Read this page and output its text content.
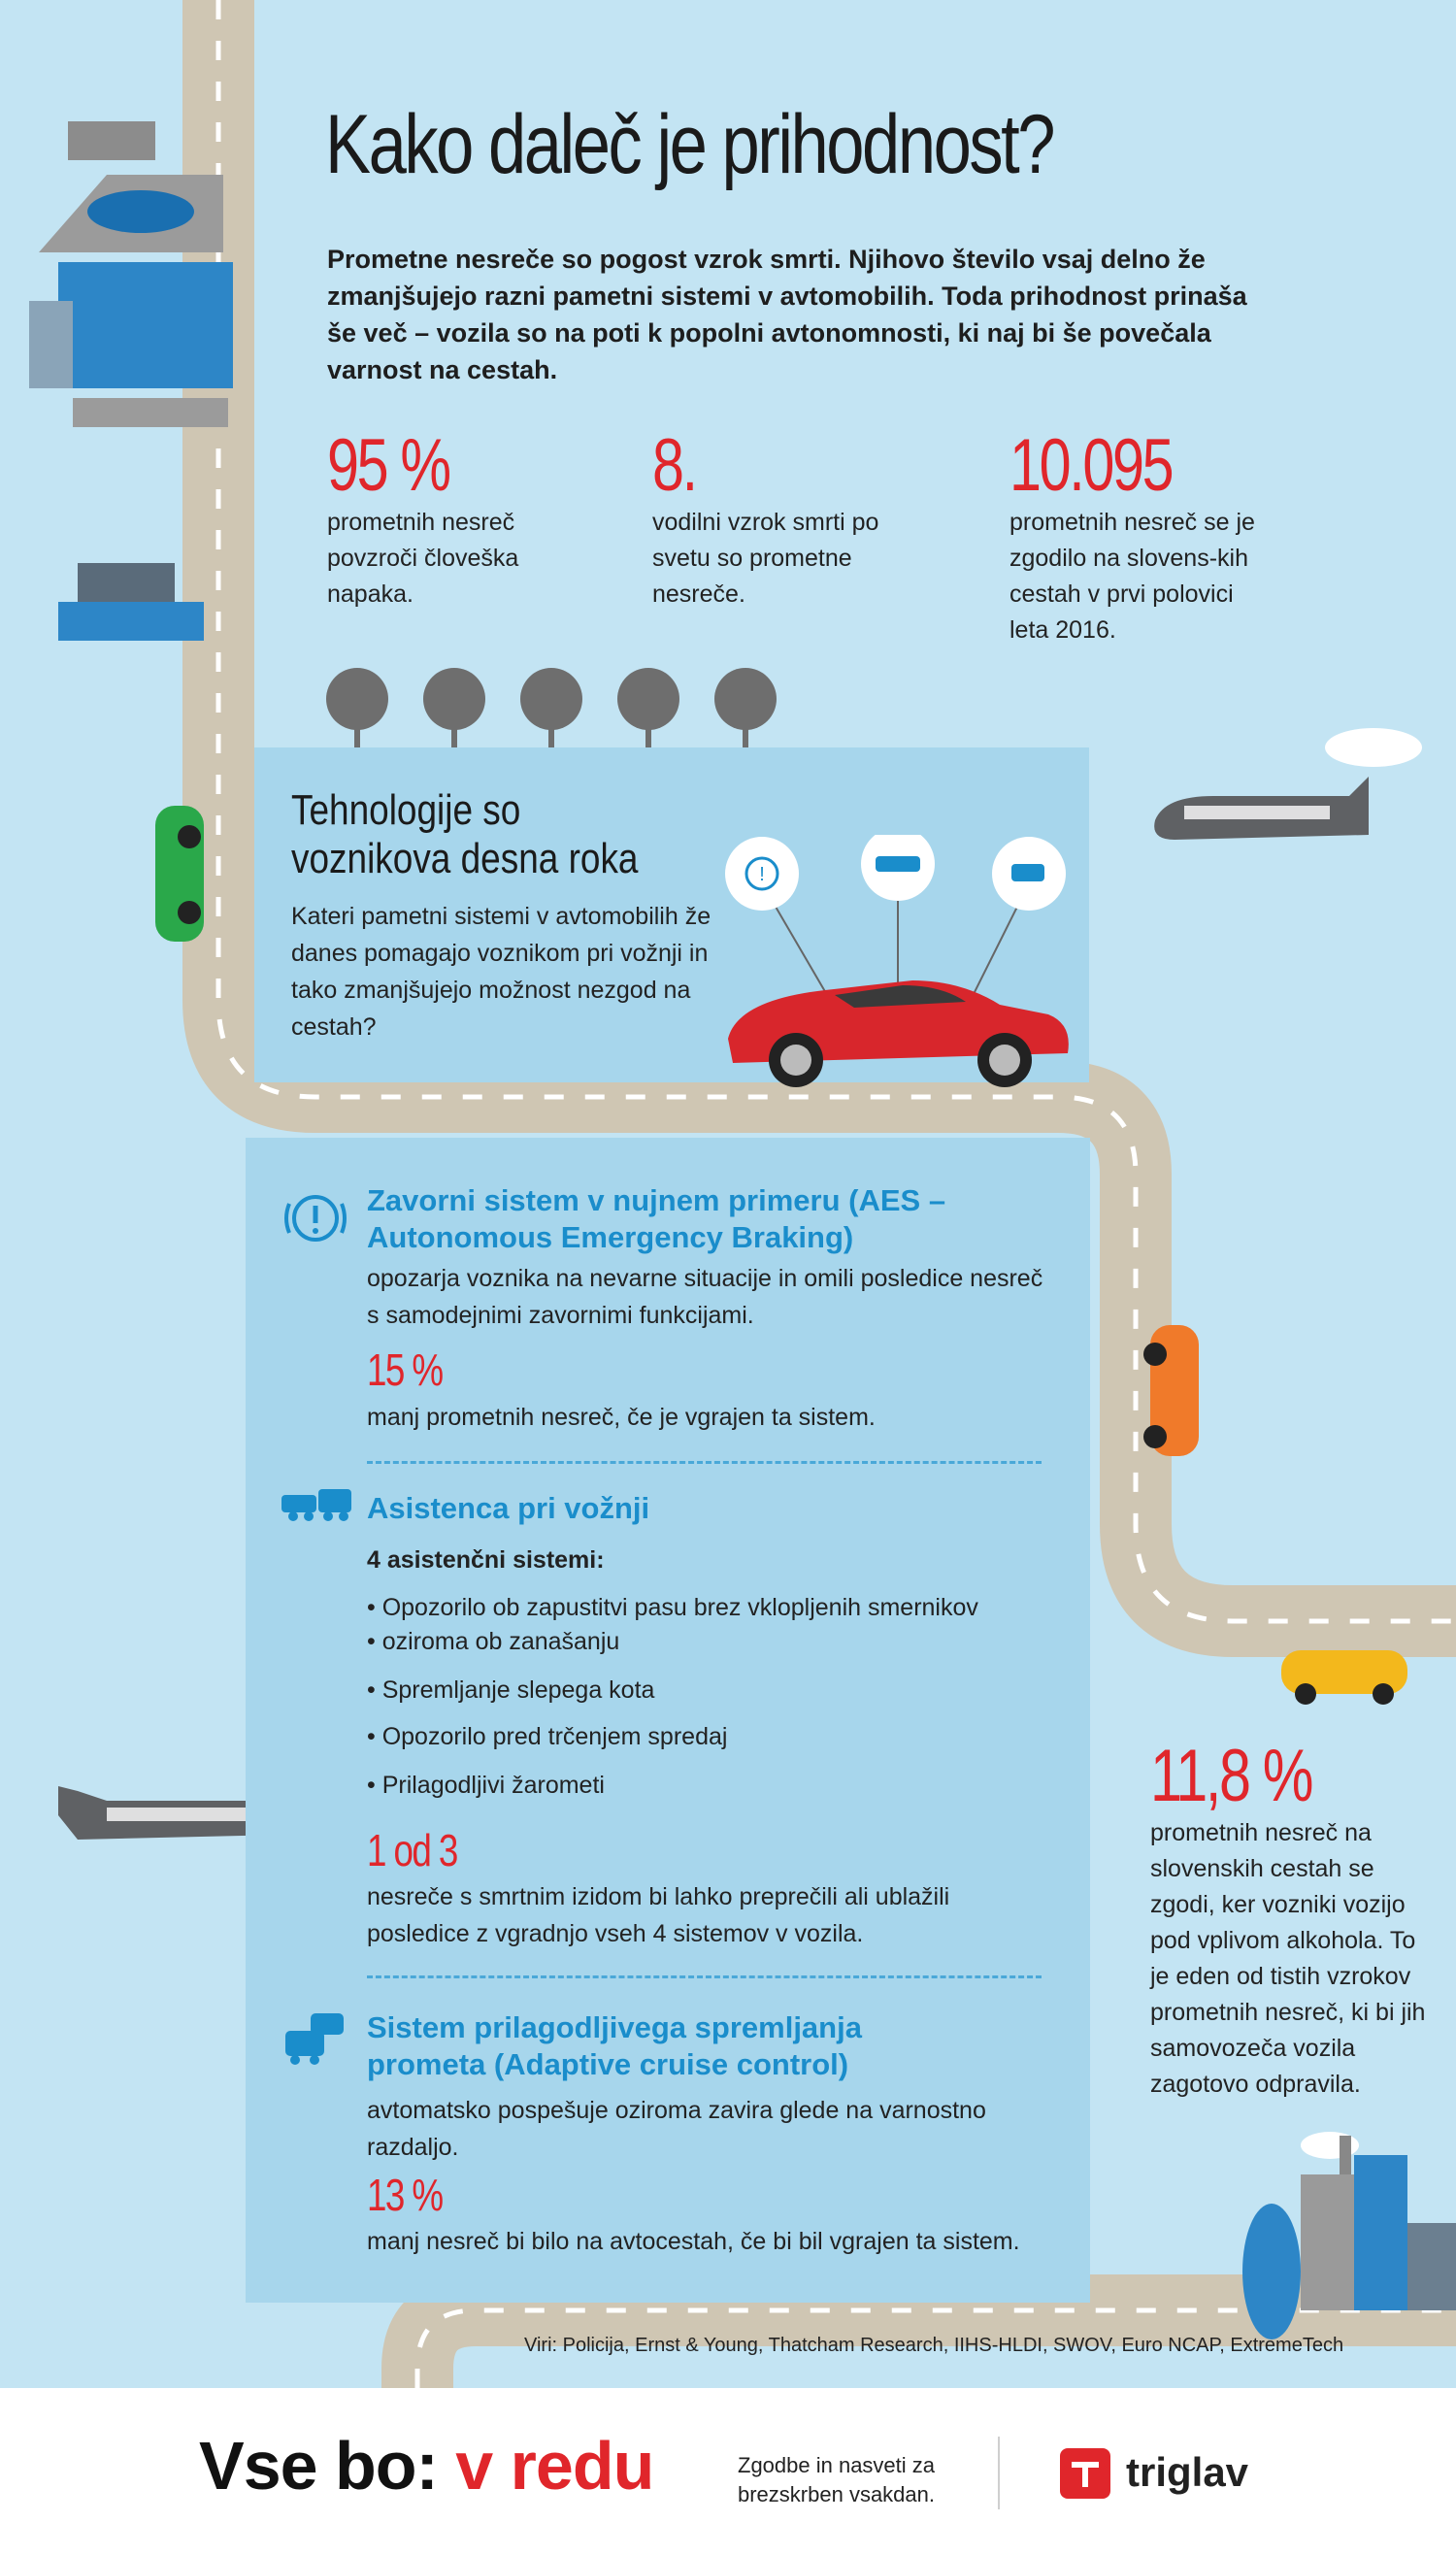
Kako daleč je prihodnost?
Prometne nesreče so pogost vzrok smrti. Njihovo število vsaj delno že zmanjšujejo razni pametni sistemi v avtomobilih. Toda prihodnost prinaša še več – vozila so na poti k popolni avtonomnosti, ki naj bi še povečala varnost na cestah.
95 %
prometnih nesreč povzroči človeška napaka.
8.
vodilni vzrok smrti po svetu so prometne nesreče.
10.095
prometnih nesreč se je zgodilo na slovens-kih cestah v prvi polovici leta 2016.
Tehnologije so voznikova desna roka
Kateri pametni sistemi v avtomobilih že danes pomagajo voznikom pri vožnji in tako zmanjšujejo možnost nezgod na cestah?
!
Zavorni sistem v nujnem primeru (AES – Autonomous Emergency Braking)
opozarja voznika na nevarne situacije in omili posledice nesreč s samodejnimi zavornimi funkcijami.
15 %
manj prometnih nesreč, če je vgrajen ta sistem.
Asistenca pri vožnji
4 asistenčni sistemi:
• Opozorilo ob zapustitvi pasu brez vklopljenih smernikov
• oziroma ob zanašanju
• Spremljanje slepega kota
• Opozorilo pred trčenjem spredaj
• Prilagodljivi žarometi
1 od 3
nesreče s smrtnim izidom bi lahko preprečili ali ublažili posledice z vgradnjo vseh 4 sistemov v vozila.
Sistem prilagodljivega spremljanja prometa (Adaptive cruise control)
avtomatsko pospešuje oziroma zavira glede na varnostno razdaljo.
13 %
manj nesreč bi bilo na avtocestah, če bi bil vgrajen ta sistem.
11,8 %
prometnih nesreč na slovenskih cestah se zgodi, ker vozniki vozijo pod vplivom alkohola. To je eden od tistih vzrokov prometnih nesreč, ki bi jih samovozeča vozila zagotovo odpravila.
Viri: Policija, Ernst & Young, Thatcham Research, IIHS-HLDI, SWOV, Euro NCAP, ExtremeTech
Vse bo: v redu	Zgodbe in nasveti za brezskrben vsakdan.	triglav
